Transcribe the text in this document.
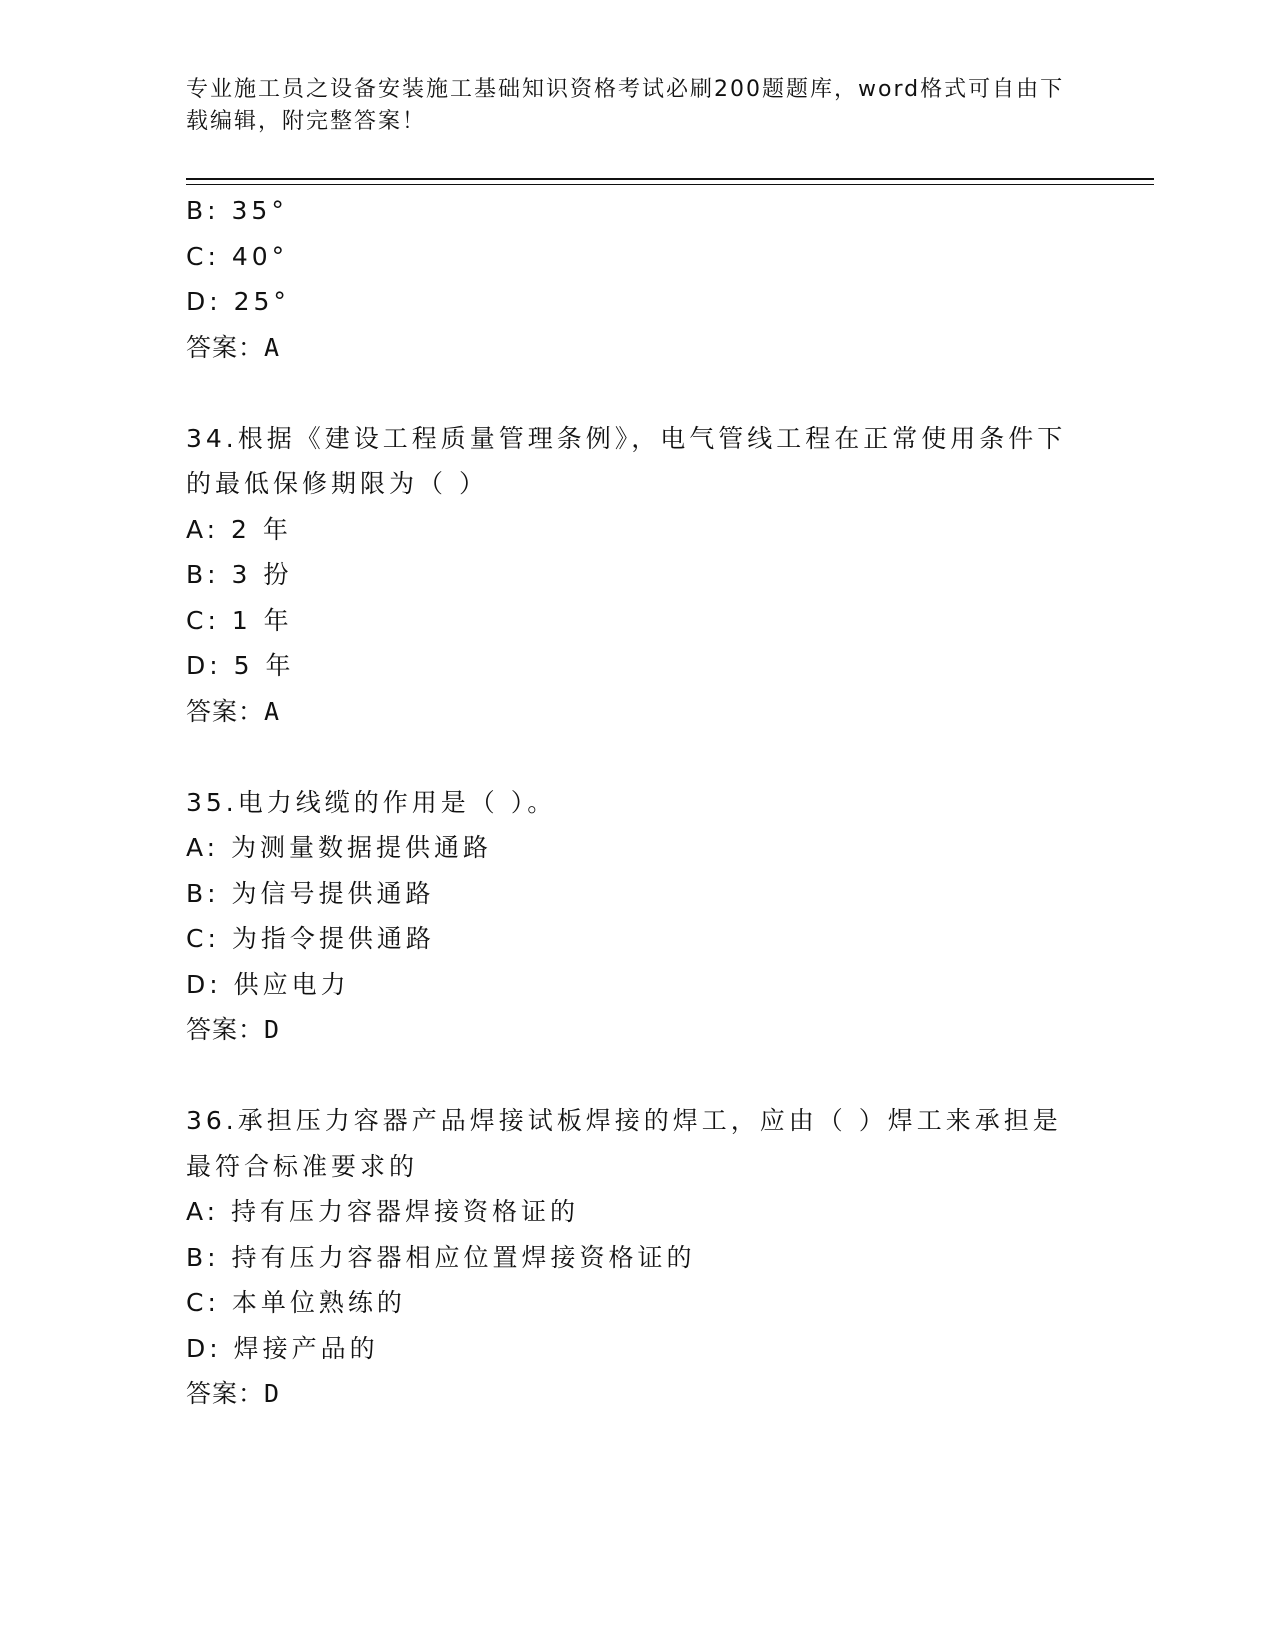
专业施工员之设备安装施工基础知识资格考试必刷200题题库，word格式可自由下载编辑，附完整答案！
B: 35°
C: 40°
D: 25°
答案：A
34.根据《建设工程质量管理条例》，电气管线工程在正常使用条件下
的最低保修期限为（ ）
A: 2 年
B: 3 扮
C: 1 年
D: 5 年
答案：A
35.电力线缆的作用是（ ）。
A: 为测量数据提供通路
B: 为信号提供通路
C: 为指令提供通路
D: 供应电力
答案：D
36.承担压力容器产品焊接试板焊接的焊工，应由（ ）焊工来承担是
最符合标准要求的
A: 持有压力容器焊接资格证的
B: 持有压力容器相应位置焊接资格证的
C: 本单位熟练的
D: 焊接产品的
答案：D
